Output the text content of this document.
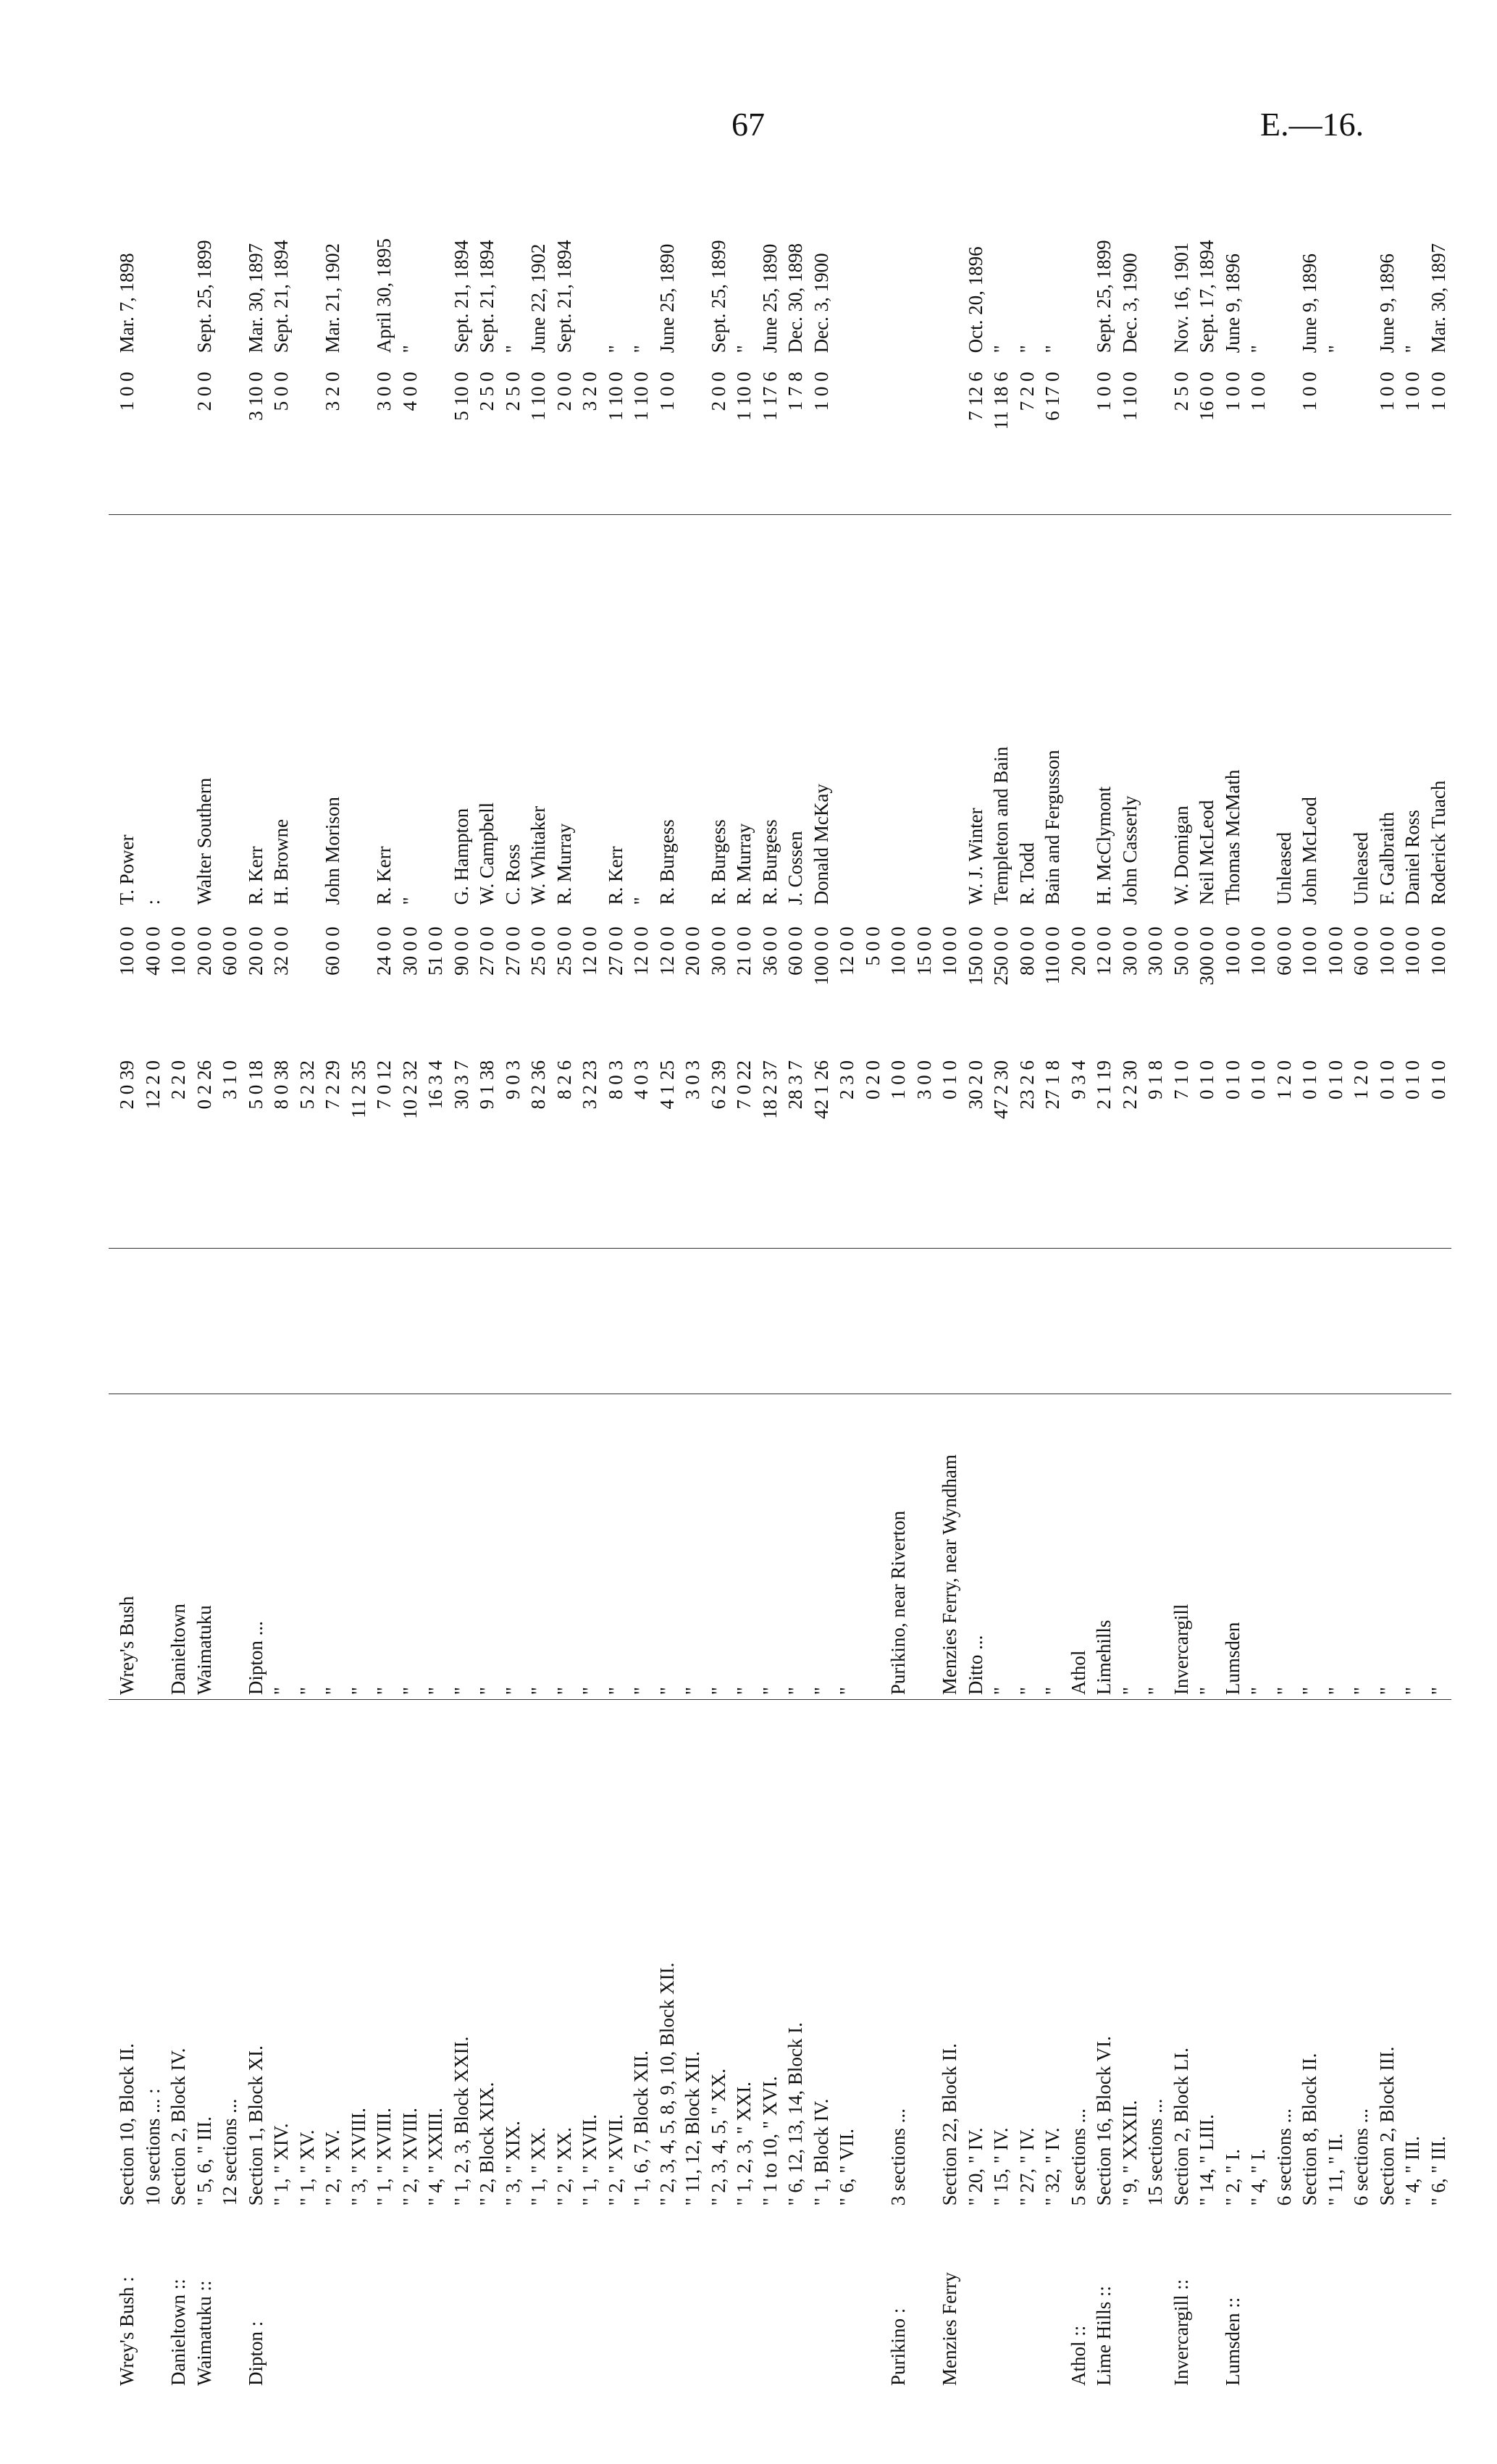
67	E.—16.
Wrey's Bush :	Section 10, Block II.	Wrey's Bush		2 0 39	10 0 0	T. Power	1 0 0	Mar. 7, 1898
	10 sections ... :			12 2 0	40 0 0	:		
Danieltown ::	Section 2, Block IV.	Danieltown		2 2 0	10 0 0			
Waimatuku ::	" 5, 6, " III.	Waimatuku		0 2 26	20 0 0	Walter Southern	2 0 0	Sept. 25, 1899
	12 sections ...			3 1 0	60 0 0			
Dipton :	Section 1, Block XI.	Dipton ...		5 0 18	20 0 0	R. Kerr	3 10 0	Mar. 30, 1897
	" 1, " XIV.	"		8 0 38	32 0 0	H. Browne	5 0 0	Sept. 21, 1894
	" 1, " XV.	"		5 2 32				
	" 2, " XV.	"		7 2 29	60 0 0	John Morison	3 2 0	Mar. 21, 1902
	" 3, " XVIII.	"		11 2 35				
	" 1, " XVIII.	"		7 0 12	24 0 0	R. Kerr	3 0 0	April 30, 1895
	" 2, " XVIII.	"		10 2 32	30 0 0	"	4 0 0	"
	" 4, " XXIII.	"		16 3 4	51 0 0			
	" 1, 2, 3, Block XXII.	"		30 3 7	90 0 0	G. Hampton	5 10 0	Sept. 21, 1894
	" 2, Block XIX.	"		9 1 38	27 0 0	W. Campbell	2 5 0	Sept. 21, 1894
	" 3, " XIX.	"		9 0 3	27 0 0	C. Ross	2 5 0	"
	" 1, " XX.	"		8 2 36	25 0 0	W. Whitaker	1 10 0	June 22, 1902
	" 2, " XX.	"		8 2 6	25 0 0	R. Murray	2 0 0	Sept. 21, 1894
	" 1, " XVII.	"		3 2 23	12 0 0		3 2 0	
	" 2, " XVII.	"		8 0 3	27 0 0	R. Kerr	1 10 0	"
	" 1, 6, 7, Block XII.	"		4 0 3	12 0 0	"	1 10 0	"
	" 2, 3, 4, 5, 8, 9, 10, Block XII.	"		4 1 25	12 0 0	R. Burgess	1 0 0	June 25, 1890
	" 11, 12, Block XII.	"		3 0 3	20 0 0			
	" 2, 3, 4, 5, " XX.	"		6 2 39	30 0 0	R. Burgess	2 0 0	Sept. 25, 1899
	" 1, 2, 3, " XXI.	"		7 0 22	21 0 0	R. Murray	1 10 0	"
	" 1 to 10, " XVI.	"		18 2 37	36 0 0	R. Burgess	1 17 6	June 25, 1890
	" 6, 12, 13, 14, Block I.	"		28 3 7	60 0 0	J. Cossen	1 7 8	Dec. 30, 1898
	" 1, Block IV.	"		42 1 26	100 0 0	Donald McKay	1 0 0	Dec. 3, 1900
	" 6, " VII.	"		2 3 0	12 0 0			
				0 2 0	5 0 0			
Purikino :	3 sections ...	Purikino, near Riverton		1 0 0	10 0 0			
				3 0 0	15 0 0			
Menzies Ferry	Section 22, Block II.	Menzies Ferry, near Wyndham		0 1 0	10 0 0			
	" 20, " IV.	Ditto ...		30 2 0	150 0 0	W. J. Winter	7 12 6	Oct. 20, 1896
	" 15, " IV.	"		47 2 30	250 0 0	Templeton and Bain	11 18 6	"
	" 27, " IV.	"		23 2 6	80 0 0	R. Todd	7 2 0	"
	" 32, " IV.	"		27 1 8	110 0 0	Bain and Fergusson	6 17 0	"
Athol ::	5 sections ...	Athol		9 3 4	20 0 0			
Lime Hills ::	Section 16, Block VI.	Limehills		2 1 19	12 0 0	H. McClymont	1 0 0	Sept. 25, 1899
	" 9, " XXXII.	"		2 2 30	30 0 0	John Casserly	1 10 0	Dec. 3, 1900
	15 sections ...	"		9 1 8	30 0 0			
Invercargill ::	Section 2, Block LI.	Invercargill		7 1 0	50 0 0	W. Domigan	2 5 0	Nov. 16, 1901
	" 14, " LIII.	"		0 1 0	300 0 0	Neil McLeod	16 0 0	Sept. 17, 1894
Lumsden ::	" 2, " I.	Lumsden		0 1 0	10 0 0	Thomas McMath	1 0 0	June 9, 1896
	" 4, " I.	"		0 1 0	10 0 0		1 0 0	"
	6 sections ...	"		1 2 0	60 0 0	Unleased		
	Section 8, Block II.	"		0 1 0	10 0 0	John McLeod	1 0 0	June 9, 1896
	" 11, " II.	"		0 1 0	10 0 0			"
	6 sections ...	"		1 2 0	60 0 0	Unleased		
	Section 2, Block III.	"		0 1 0	10 0 0	F. Galbraith	1 0 0	June 9, 1896
	" 4, " III.	"		0 1 0	10 0 0	Daniel Ross	1 0 0	"
	" 6, " III.	"		0 1 0	10 0 0	Roderick Tuach	1 0 0	Mar. 30, 1897
